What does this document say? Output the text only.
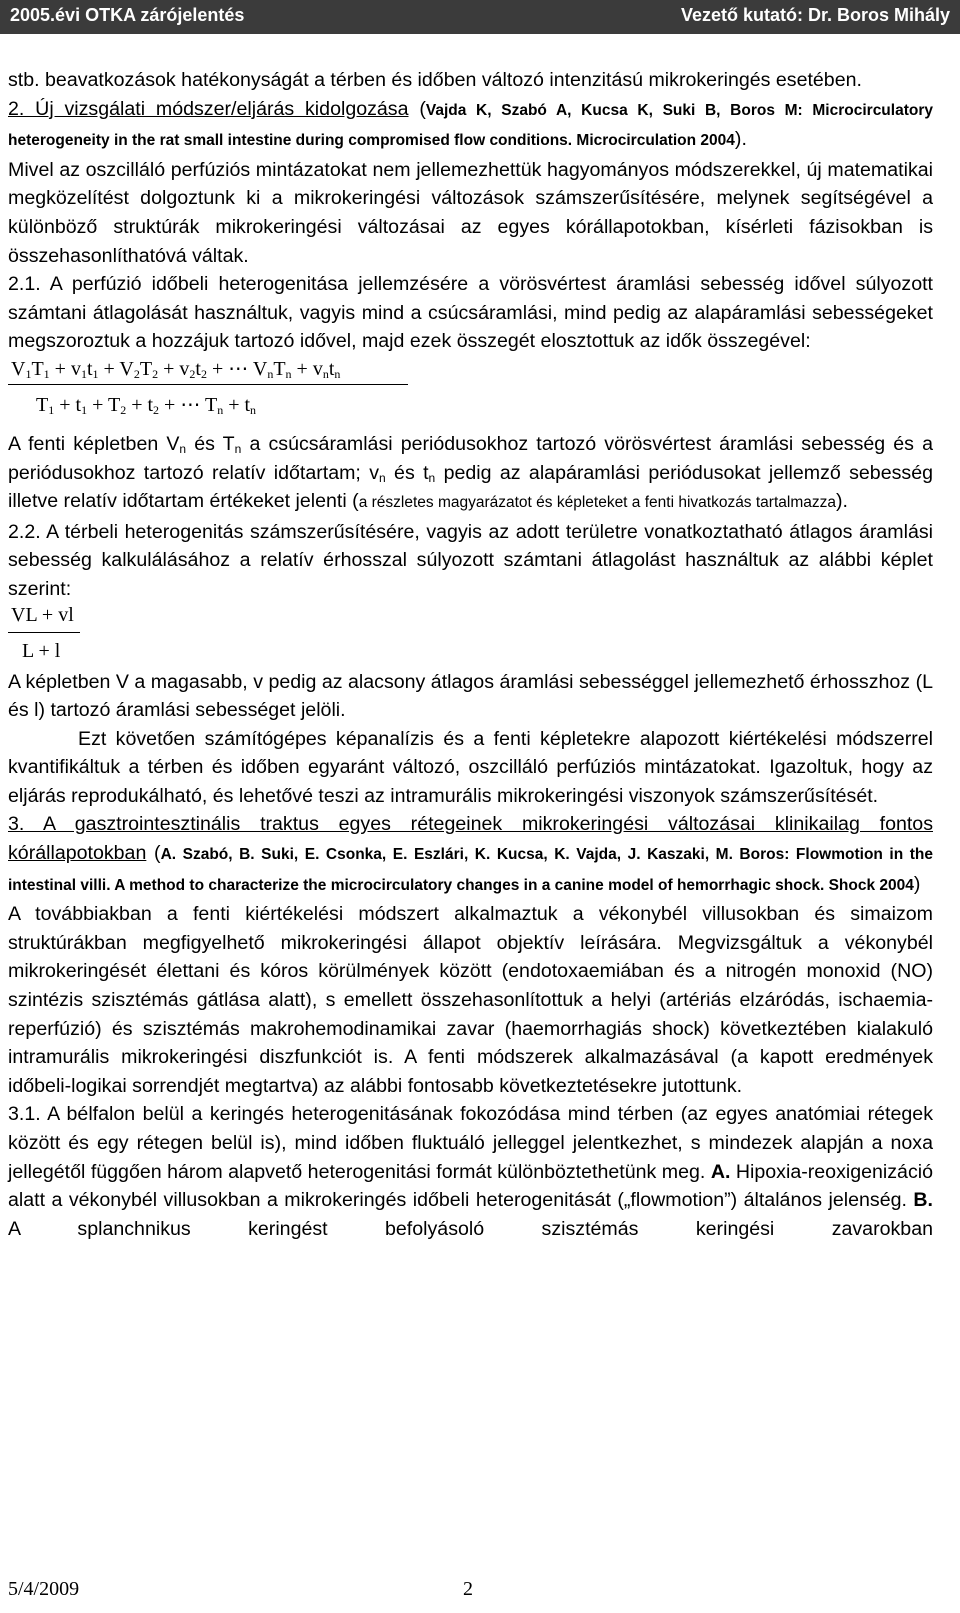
2005.évi OTKA zárójelentés	Vezető kutató: Dr. Boros Mihály

stb. beavatkozások hatékonyságát a térben és időben változó intenzitású mikrokeringés esetében.

2. Új vizsgálati módszer/eljárás kidolgozása (Vajda K, Szabó A, Kucsa K, Suki B, Boros M: Microcirculatory heterogeneity in the rat small intestine during compromised flow conditions. Microcirculation 2004).

Mivel az oszcilláló perfúziós mintázatokat nem jellemezhettük hagyományos módszerekkel, új matematikai megközelítést dolgoztunk ki a mikrokeringési változások számszerűsítésére, melynek segítségével a különböző struktúrák mikrokeringési változásai az egyes kórállapotokban, kísérleti fázisokban is összehasonlíthatóvá váltak.

2.1. A perfúzió időbeli heterogenitása jellemzésére a vörösvértest áramlási sebesség idővel súlyozott számtani átlagolását használtuk, vagyis mind a csúcsáramlási, mind pedig az alapáramlási sebességeket megszoroztuk a hozzájuk tartozó idővel, majd ezek összegét elosztottuk az idők összegével:

$V_1T_1 + v_1t_1 + V_2T_2 + v_2t_2$ + ⋯ $V_nT_n + v_nt_n$
$T_1 + t_1 + T_2 + t_2$ + ⋯ $T_n + t_n$

A fenti képletben $V_n$ és $T_n$ a csúcsáramlási periódusokhoz tartozó vörösvértest áramlási sebesség és a periódusokhoz tartozó relatív időtartam; $v_n$ és $t_n$ pedig az alapáramlási periódusokat jellemző sebesség illetve relatív időtartam értékeket jelenti (a részletes magyarázatot és képleteket a fenti hivatkozás tartalmazza).

2.2. A térbeli heterogenitás számszerűsítésére, vagyis az adott területre vonatkoztatható átlagos áramlási sebesség kalkulálásához a relatív érhosszal súlyozott számtani átlagolást használtuk az alábbi képlet szerint:

VL + vl
L + l

A képletben V a magasabb, v pedig az alacsony átlagos áramlási sebességgel jellemezhető érhosszhoz (L és l) tartozó áramlási sebességet jelöli.

Ezt követően számítógépes képanalízis és a fenti képletekre alapozott kiértékelési módszerrel kvantifikáltuk a térben és időben egyaránt változó, oszcilláló perfúziós mintázatokat. Igazoltuk, hogy az eljárás reprodukálható, és lehetővé teszi az intramurális mikrokeringési viszonyok számszerűsítését.

3. A gasztrointesztinális traktus egyes rétegeinek mikrokeringési változásai klinikailag fontos kórállapotokban (A. Szabó, B. Suki, E. Csonka, E. Eszlári, K. Kucsa, K. Vajda, J. Kaszaki, M. Boros: Flowmotion in the intestinal villi. A method to characterize the microcirculatory changes in a canine model of hemorrhagic shock. Shock 2004)

A továbbiakban a fenti kiértékelési módszert alkalmaztuk a vékonybél villusokban és simaizom struktúrákban megfigyelhető mikrokeringési állapot objektív leírására. Megvizsgáltuk a vékonybél mikrokeringését élettani és kóros körülmények között (endotoxaemiában és a nitrogén monoxid (NO) szintézis szisztémás gátlása alatt), s emellett összehasonlítottuk a helyi (artériás elzáródás, ischaemia-reperfúzió) és szisztémás makrohemodinamikai zavar (haemorrhagiás shock) következtében kialakuló intramurális mikrokeringési diszfunkciót is. A fenti módszerek alkalmazásával (a kapott eredmények időbeli-logikai sorrendjét megtartva) az alábbi fontosabb következtetésekre jutottunk.

3.1. A bélfalon belül a keringés heterogenitásának fokozódása mind térben (az egyes anatómiai rétegek között és egy rétegen belül is), mind időben fluktuáló jelleggel jelentkezhet, s mindezek alapján a noxa jellegétől függően három alapvető heterogenitási formát különböztethetünk meg. A. Hipoxia-reoxigenizáció alatt a vékonybél villusokban a mikrokeringés időbeli heterogenitását („flowmotion”) általános jelenség. B. A splanchnikus keringést befolyásoló szisztémás keringési zavarokban

5/4/2009	2
